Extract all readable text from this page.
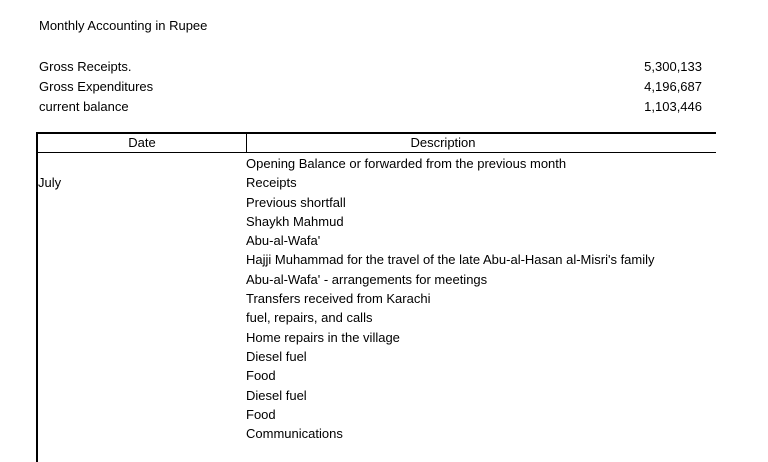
Monthly Accounting in Rupee
Gross Receipts.	5,300,133
Gross Expenditures	4,196,687
current balance	1,103,446
Date	Description
Opening Balance or forwarded from the previous month
July	Receipts
Previous shortfall
Shaykh Mahmud
Abu-al-Wafa'
Hajji Muhammad for the travel of the late Abu-al-Hasan al-Misri's family
Abu-al-Wafa' - arrangements for meetings
Transfers received from Karachi
fuel, repairs, and calls
Home repairs in the village
Diesel fuel
Food
Diesel fuel
Food
Communications
